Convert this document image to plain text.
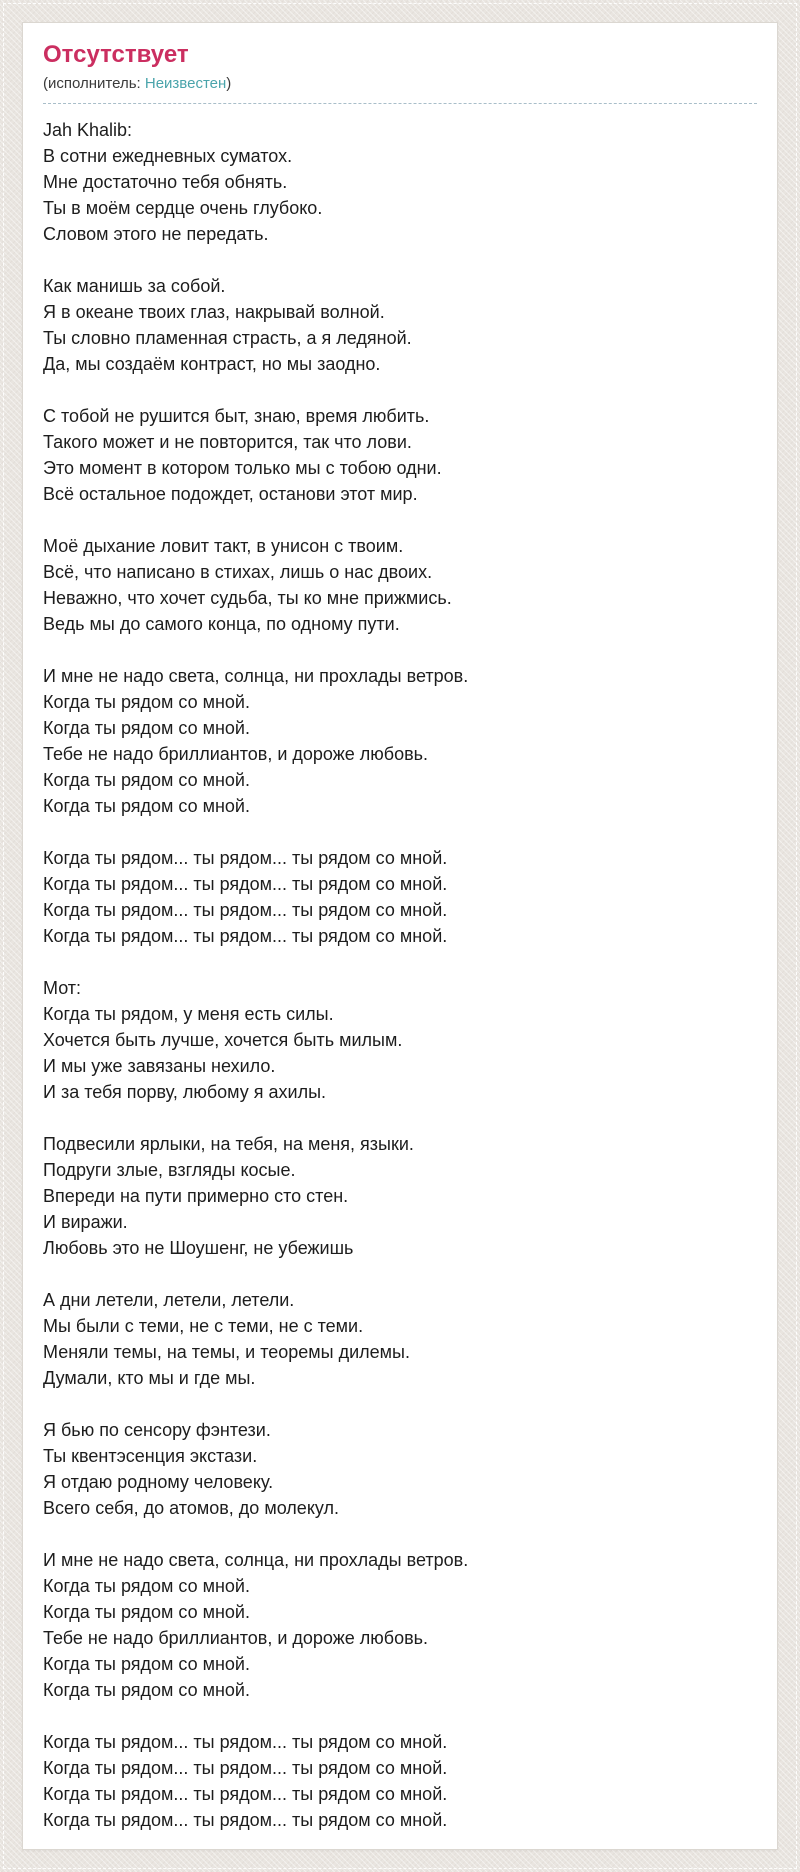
Отсутствует
(исполнитель: Неизвестен)
Jah Khalib:
В сотни ежедневных суматох.
Мне достаточно тебя обнять.
Ты в моём сердце очень глубоко.
Словом этого не передать.
Как манишь за собой.
Я в океане твоих глаз, накрывай волной.
Ты словно пламенная страсть, а я ледяной.
Да, мы создаём контраст, но мы заодно.
С тобой не рушится быт, знаю, время любить.
Такого может и не повторится, так что лови.
Это момент в котором только мы с тобою одни.
Всё остальное подождет, останови этот мир.
Моё дыхание ловит такт, в унисон с твоим.
Всё, что написано в стихах, лишь о нас двоих.
Неважно, что хочет судьба, ты ко мне прижмись.
Ведь мы до самого конца, по одному пути.
И мне не надо света, солнца, ни прохлады ветров.
Когда ты рядом со мной.
Когда ты рядом со мной.
Тебе не надо бриллиантов, и дороже любовь.
Когда ты рядом со мной.
Когда ты рядом со мной.
Когда ты рядом... ты рядом... ты рядом со мной.
Когда ты рядом... ты рядом... ты рядом со мной.
Когда ты рядом... ты рядом... ты рядом со мной.
Когда ты рядом... ты рядом... ты рядом со мной.
Мот:
Когда ты рядом, у меня есть силы.
Хочется быть лучше, хочется быть милым.
И мы уже завязаны нехило.
И за тебя порву, любому я ахилы.
Подвесили ярлыки, на тебя, на меня, языки.
Подруги злые, взгляды косые.
Впереди на пути примерно сто стен.
И виражи.
Любовь это не Шоушенг, не убежишь
А дни летели, летели, летели.
Мы были с теми, не с теми, не с теми.
Меняли темы, на темы, и теоремы дилемы.
Думали, кто мы и где мы.
Я бью по сенсору фэнтези.
Ты квентэсенция экстази.
Я отдаю родному человеку.
Всего себя, до атомов, до молекул.
И мне не надо света, солнца, ни прохлады ветров.
Когда ты рядом со мной.
Когда ты рядом со мной.
Тебе не надо бриллиантов, и дороже любовь.
Когда ты рядом со мной.
Когда ты рядом со мной.
Когда ты рядом... ты рядом... ты рядом со мной.
Когда ты рядом... ты рядом... ты рядом со мной.
Когда ты рядом... ты рядом... ты рядом со мной.
Когда ты рядом... ты рядом... ты рядом со мной.
